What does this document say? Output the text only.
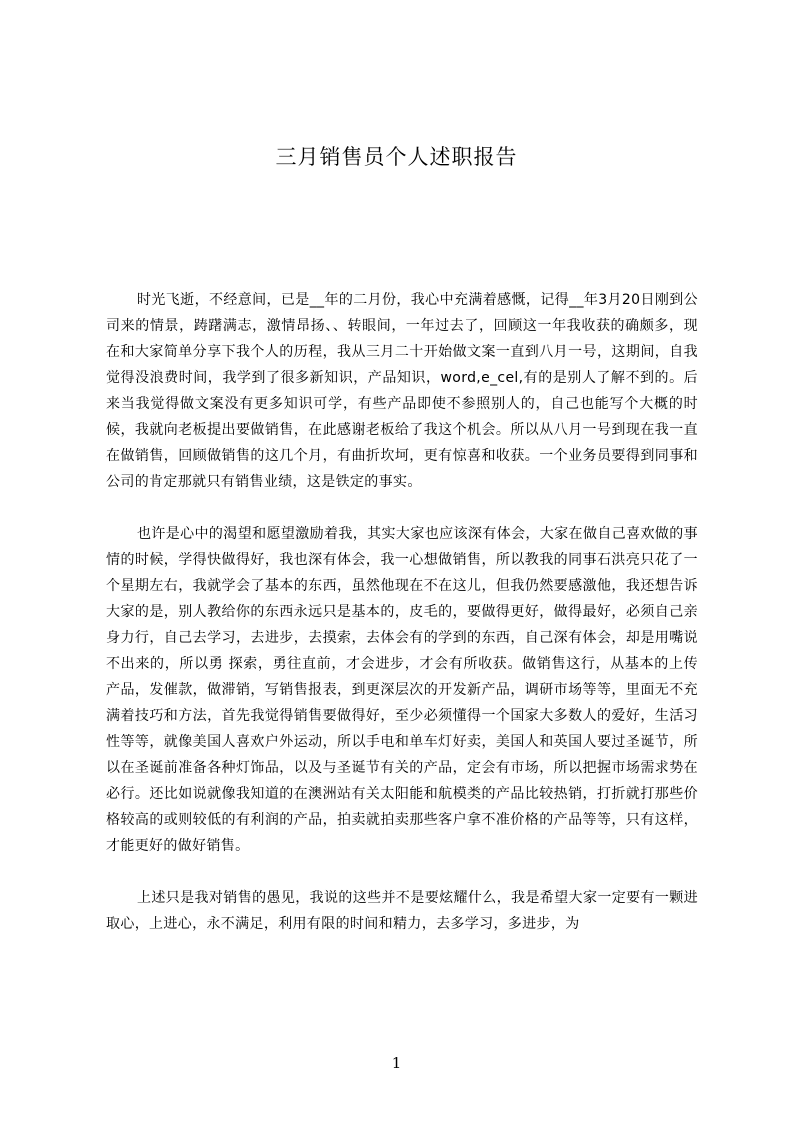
三月销售员个人述职报告

时光飞逝，不经意间，已是__年的二月份，我心中充满着感慨，记得__年3月20日刚到公司来的情景，踌躇满志，激情昂扬、、转眼间，一年过去了，回顾这一年我收获的确颇多，现在和大家简单分享下我个人的历程，我从三月二十开始做文案一直到八月一号，这期间，自我觉得没浪费时间，我学到了很多新知识，产品知识，word,e_cel,有的是别人了解不到的。后来当我觉得做文案没有更多知识可学，有些产品即使不参照别人的，自己也能写个大概的时候，我就向老板提出要做销售，在此感谢老板给了我这个机会。所以从八月一号到现在我一直在做销售，回顾做销售的这几个月，有曲折坎坷，更有惊喜和收获。一个业务员要得到同事和公司的肯定那就只有销售业绩，这是铁定的事实。

也许是心中的渴望和愿望激励着我，其实大家也应该深有体会，大家在做自己喜欢做的事情的时候，学得快做得好，我也深有体会，我一心想做销售，所以教我的同事石洪亮只花了一个星期左右，我就学会了基本的东西，虽然他现在不在这儿，但我仍然要感激他，我还想告诉大家的是，别人教给你的东西永远只是基本的，皮毛的，要做得更好，做得最好，必须自己亲身力行，自己去学习，去进步，去摸索，去体会有的学到的东西，自己深有体会，却是用嘴说不出来的，所以勇 探索，勇往直前，才会进步，才会有所收获。做销售这行，从基本的上传产品，发催款，做滞销，写销售报表，到更深层次的开发新产品，调研市场等等，里面无不充满着技巧和方法，首先我觉得销售要做得好，至少必须懂得一个国家大多数人的爱好，生活习性等等，就像美国人喜欢户外运动，所以手电和单车灯好卖，美国人和英国人要过圣诞节，所以在圣诞前准备各种灯饰品，以及与圣诞节有关的产品，定会有市场，所以把握市场需求势在必行。还比如说就像我知道的在澳洲站有关太阳能和航模类的产品比较热销，打折就打那些价格较高的或则较低的有利润的产品，拍卖就拍卖那些客户拿不准价格的产品等等，只有这样，才能更好的做好销售。

上述只是我对销售的愚见，我说的这些并不是要炫耀什么，我是希望大家一定要有一颗进取心，上进心，永不满足，利用有限的时间和精力，去多学习，多进步，为

1
